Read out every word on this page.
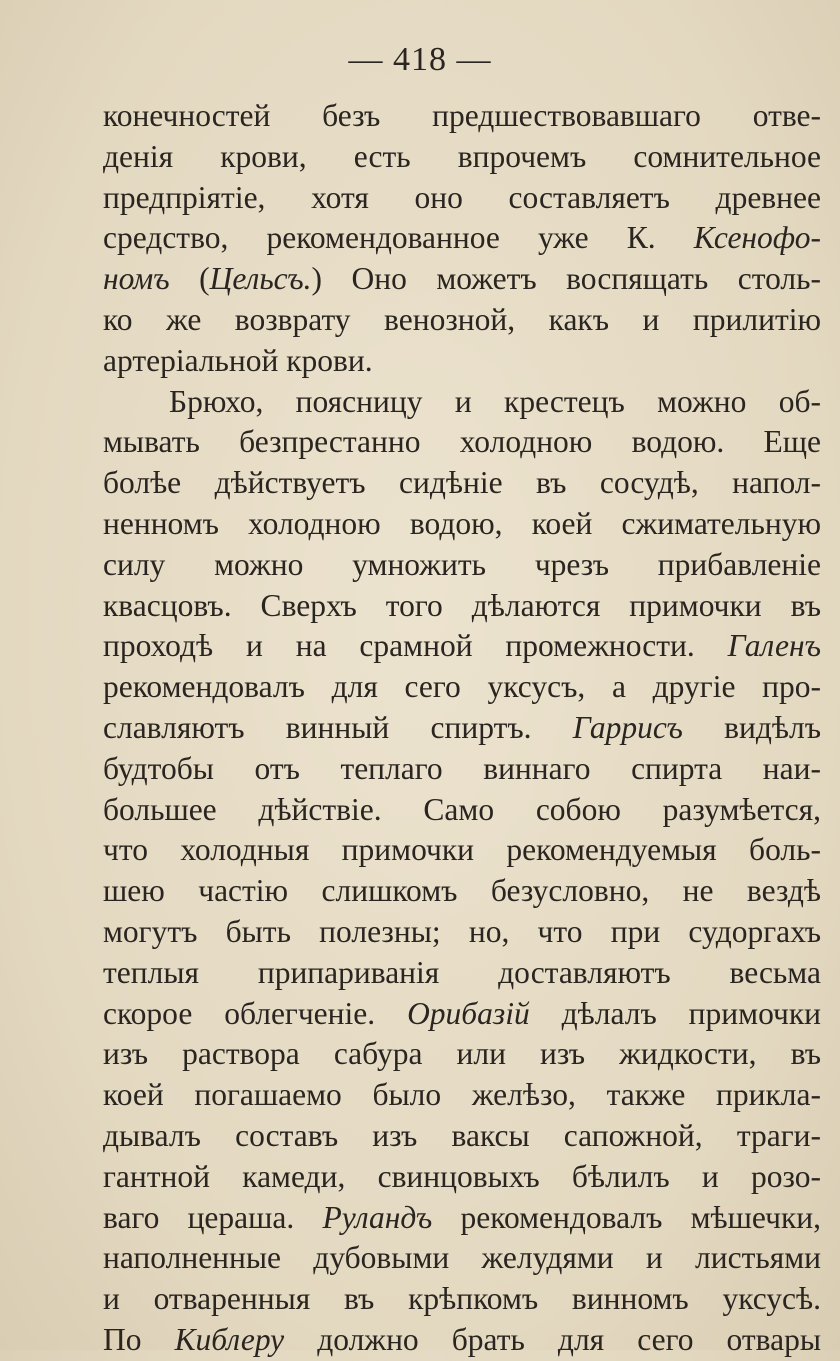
— 418 —
конечностей безъ предшествовавшаго отве-
денія крови, есть впрочемъ сомнительное
предпріятіе, хотя оно составляетъ древнее
средство, рекомендованное уже К. Ксенофо-
номъ (Цельсъ.) Оно можетъ воспящать столь-
ко же возврату венозной, какъ и прилитію
артеріальной крови.
Брюхо, поясницу и крестецъ можно об-
мывать безпрестанно холодною водою. Еще
болѣе дѣйствуетъ сидѣніе въ сосудѣ, напол-
ненномъ холодною водою, коей сжимательную
силу можно умножить чрезъ прибавленіе
квасцовъ. Сверхъ того дѣлаются примочки въ
проходѣ и на срамной промежности. Галенъ
рекомендовалъ для сего уксусъ, а другіе про-
славляютъ винный спиртъ. Гаррисъ видѣлъ
будтобы отъ теплаго виннаго спирта наи-
большее дѣйствіе. Само собою разумѣется,
что холодныя примочки рекомендуемыя боль-
шею частію слишкомъ безусловно, не вездѣ
могутъ быть полезны; но, что при судоргахъ
теплыя припариванія доставляютъ весьма
скорое облегченіе. Орибазій дѣлалъ примочки
изъ раствора сабура или изъ жидкости, въ
коей погашаемо было желѣзо, также прикла-
дывалъ составъ изъ ваксы сапожной, траги-
гантной камеди, свинцовыхъ бѣлилъ и розо-
ваго цераша. Руландъ рекомендовалъ мѣшечки,
наполненные дубовыми желудями и листьями
и отваренныя въ крѣпкомъ винномъ уксусѣ.
По Киблеру должно брать для сего отвары
